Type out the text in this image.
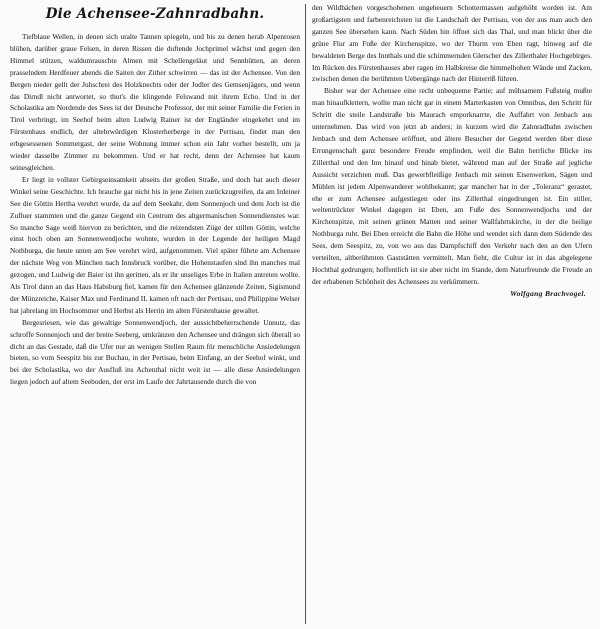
Die Achensee-Zahnradbahn.

Tiefblaue Wellen, in denen sich uralte Tannen spiegeln, und bis zu denen herab Alpenrosen blühen, darüber graue Felsen, in deren Rissen die duftende Jochprimel wächst und gegen den Himmel stützen, waldumrauschte Almen mit Schellengeläut und Sennhütten, an deren prasselndem Herdfeuer abends die Saiten der Zither schwirren — das ist der Achensee. Von den Bergen nieder gellt der Juhschrei des Holzknechts oder der Jodler des Gemsenjägers, und wenn das Dirndl nicht antwortet, so thut's die klingende Felswand mit ihrem Echo. Und in der Scholastika am Nordende des Sees ist der Deutsche Professor, der mit seiner Familie die Ferien in Tirol verbringt, im Seehof beim alten Ludwig Rainer ist der Engländer eingekehrt und im Fürstenhaus endlich, der altehrwürdigen Klosterherberge in der Pertisau, findet man den erbgesessenen Sommergast, der seine Wohnung immer schon ein Jahr vorher bestellt, um ja wieder dasselbe Zimmer zu bekommen. Und er hat recht, denn der Achensee hat kaum seinesgleichen.

Er liegt in vollster Gebirgseinsamkeit abseits der großen Straße, und doch hat auch dieser Winkel seine Geschichte. Ich brauche gar nicht bis in jene Zeiten zurückzugreifen, da am Irdeiner See die Göttin Hertha verehrt wurde, da auf dem Seekahr, dem Sonnenjoch und dem Joch ist die Zufluer stammten und die ganze Gegend ein Centrum des altgermanischen Sonnendienstes war. So manche Sage weiß hiervon zu berichten, und die reizendsten Züge der stillen Göttin, welche einst hoch oben am Sonnenwendjoche wohnte, wurden in der Legende der heiligen Magd Nothburga, die heute unten am See verehrt wird, aufgenommen. Viel später führte am Achensee der nächste Weg von München nach Innsbruck vorüber, die Hohenstaufen sind ihn manches mal gezogen, und Ludwig der Baier ist ihn geritten, als er ihr unseliges Erbe in Italien antreten wollte. Als Tirol dann an das Haus Habsburg fiel, kamen für den Achensee glänzende Zeiten, Sigismund der Münzreiche, Kaiser Max und Ferdinand II. kamen oft nach der Pertisau, und Philippine Welser hat jahrelang im Hochsommer und Herbst als Herrin im alten Fürstenhause gewaltet.

Bergesriesen, wie das gewaltige Sonnenwendjoch, der aussichtbeherrschende Unnutz, das schroffe Sonnenjoch und der breite Seeberg, umkränzen den Achensee und drängen sich überall so dicht an das Gestade, daß die Ufer nur an wenigen Stellen Raum für menschliche Ansiedelungen bieten, so vom Seespitz bis zur Buchau, in der Pertisau, beim Einfang, an der Seehof winkt, und bei der Scholastika, wo der Ausfluß ins Achenthal nicht weit ist — alle diese Ansiedelungen liegen jedoch auf altem Seeboden, der erst im Laufe der Jahrtausende durch die von

den Wildbächen vorgeschobenen ungeheuern Schottermassen aufgehöht worden ist. Am großartigsten und farbenreichsten ist die Landschaft der Pertisau, von der aus man auch den ganzen See übersehen kann. Nach Süden hin öffnet sich das Thal, und man blickt über die grüne Flur am Fuße der Kirchenspitze, wo der Thurm von Eben ragt, hinweg auf die bewaldeten Berge des Innthals und die schimmernden Gletscher des Zillerthaler Hochgebirges. Im Rücken des Fürstenhauses aber ragen im Halbkreise die himmelhohen Wände und Zacken, zwischen denen die berühmten Uebergänge nach der Hinterriß führen.

Bisher war der Achensee eine recht unbequeme Partie; auf mühsamem Fußsteig mußte man hinaufklettern, wollte man nicht gar in einem Marterkasten von Omnibus, den Schritt für Schritt die steile Landstraße bis Maurach emporknarrte, die Auffahrt von Jenbach aus unternehmen. Das wird von jetzt ab anders; in kurzem wird die Zahnradbahn zwischen Jenbach und dem Achensee eröffnet, und ältere Besucher der Gegend werden über diese Errungenschaft ganz besondere Freude empfinden, weil die Bahn herrliche Blicke ins Zillerthal und den Inn hinauf und hinab bietet, während man auf der Straße auf jegliche Aussicht verzichten muß. Das gewerbfleißige Jenbach mit seinen Eisenwerken, Sägen und Mühlen ist jedem Alpenwanderer wohlbekannt; gar mancher hat in der „Toleranz“ gerastet, ehe er zum Achensee aufgestiegen oder ins Zillerthal eingedrungen ist. Ein stiller, weltentrückter Winkel dagegen ist Eben, am Fuße des Sonnenwendjochs und der Kirchenspitze, mit seinen grünen Matten und seiner Wallfahrtskirche, in der die heilige Nothburga ruht. Bei Eben erreicht die Bahn die Höhe und wendet sich dann dem Südende des Sees, dem Seespitz, zu, von wo aus das Dampfschiff den Verkehr nach den an den Ufern verteilten, altberühmten Gaststätten vermittelt. Man fieht, die Cultur ist in das abgelegene Hochthal gedrungen; hoffentlich ist sie aber nicht im Stande, dem Naturfreunde die Freude an der erhabenen Schönheit des Achensees zu verkümmern.

Wolfgang Brachvogel.
